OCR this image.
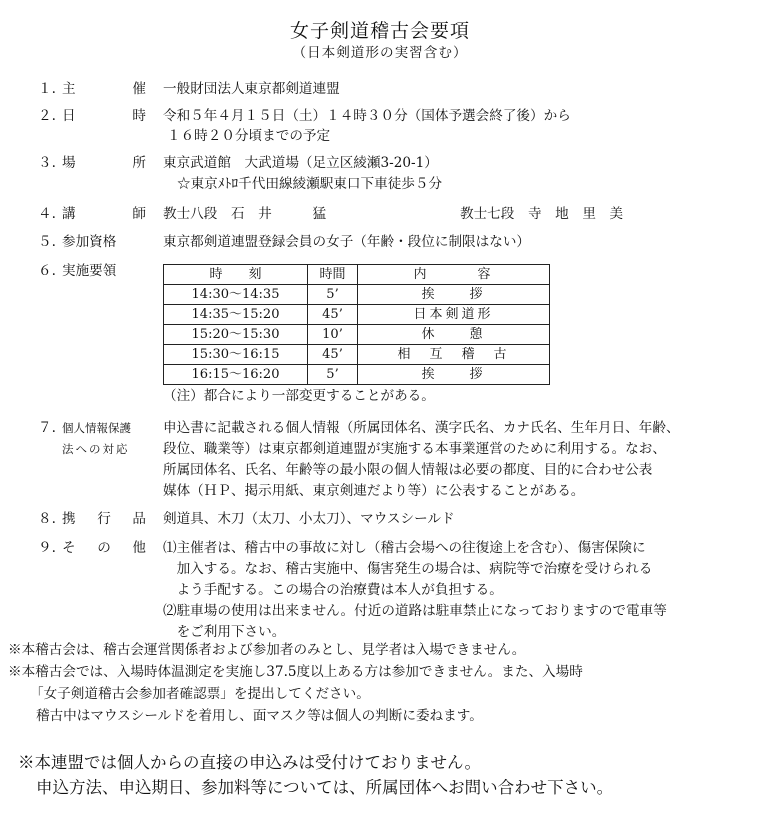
女子剣道稽古会要項
（日本剣道形の実習含む）
１. 主	催 一般財団法人東京都剣道連盟
２. 日	時 令和５年４月１５日（土）１４時３０分（国体予選会終了後）から
１６時２０分頃までの予定
３. 場	所 東京武道館　大武道場（足立区綾瀬3-20-1）
☆東京ﾒﾄﾛ千代田線綾瀬駅東口下車徒歩５分
４. 講	師 教士八段　石　井　　　猛	教士七段　寺　地　里　美
５. 参加資格	東京都剣道連盟登録会員の女子（年齢・段位に制限はない）
６. 実施要領	時　　刻	時間	内　　　容
14:30～14:35	5’	挨　　拶
14:35～15:20	45’	日本剣道形
15:20～15:30	10’	休　　憩
15:30～16:15	45’	相　互　稽　古
16:15～16:20	5’	挨　　拶
（注）都合により一部変更することがある。
７. 個人情報保護
法への対応
申込書に記載される個人情報（所属団体名、漢字氏名、カナ氏名、生年月日、年齢、
段位、職業等）は東京都剣道連盟が実施する本事業運営のために利用する。なお、
所属団体名、氏名、年齢等の最小限の個人情報は必要の都度、目的に合わせ公表
媒体（ＨＰ、掲示用紙、東京剣連だより等）に公表することがある。
８. 携 行 品 剣道具、木刀（太刀、小太刀）、マウスシールド
９. そ の 他 ⑴主催者は、稽古中の事故に対し（稽古会場への往復途上を含む）、傷害保険に
　加入する。なお、稽古実施中、傷害発生の場合は、病院等で治療を受けられる
　よう手配する。この場合の治療費は本人が負担する。
⑵駐車場の使用は出来ません。付近の道路は駐車禁止になっておりますので電車等
　をご利用下さい。
※本稽古会は、稽古会運営関係者および参加者のみとし、見学者は入場できません。
※本稽古会では、入場時体温測定を実施し37.5度以上ある方は参加できません。また、入場時
「女子剣道稽古会参加者確認票」を提出してください。
稽古中はマウスシールドを着用し、面マスク等は個人の判断に委ねます。
※本連盟では個人からの直接の申込みは受付けておりません。
申込方法、申込期日、参加料等については、所属団体へお問い合わせ下さい。
